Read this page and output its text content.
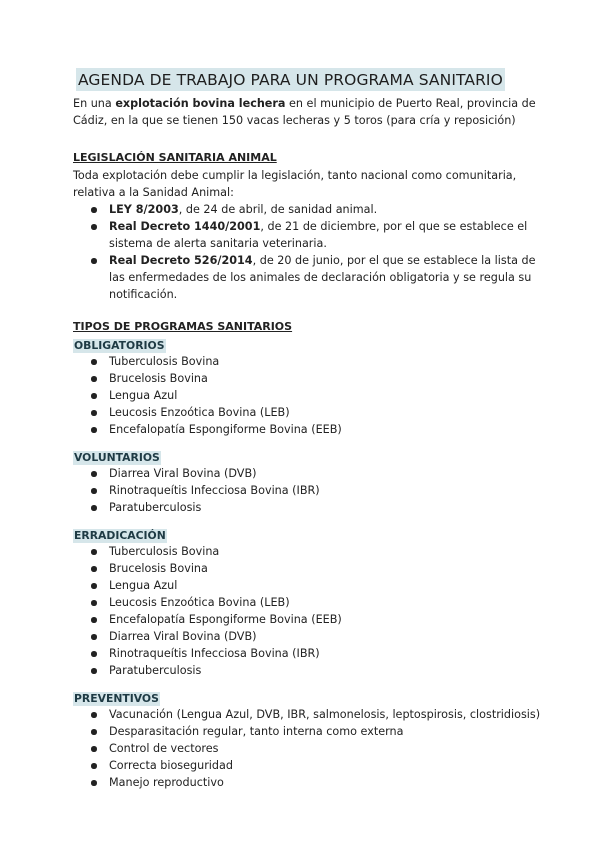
AGENDA DE TRABAJO PARA UN PROGRAMA SANITARIO

En una explotación bovina lechera en el municipio de Puerto Real, provincia de Cádiz, en la que se tienen 150 vacas lecheras y 5 toros (para cría y reposición)

LEGISLACIÓN SANITARIA ANIMAL

Toda explotación debe cumplir la legislación, tanto nacional como comunitaria, relativa a la Sanidad Animal:

LEY 8/2003, de 24 de abril, de sanidad animal.
Real Decreto 1440/2001, de 21 de diciembre, por el que se establece el sistema de alerta sanitaria veterinaria.
Real Decreto 526/2014, de 20 de junio, por el que se establece la lista de las enfermedades de los animales de declaración obligatoria y se regula su notificación.
TIPOS DE PROGRAMAS SANITARIOS
OBLIGATORIOS
Tuberculosis Bovina
Brucelosis Bovina
Lengua Azul
Leucosis Enzoótica Bovina (LEB)
Encefalopatía Espongiforme Bovina (EEB)
VOLUNTARIOS
Diarrea Viral Bovina (DVB)
Rinotraqueítis Infecciosa Bovina (IBR)
Paratuberculosis
ERRADICACIÓN
Tuberculosis Bovina
Brucelosis Bovina
Lengua Azul
Leucosis Enzoótica Bovina (LEB)
Encefalopatía Espongiforme Bovina (EEB)
Diarrea Viral Bovina (DVB)
Rinotraqueítis Infecciosa Bovina (IBR)
Paratuberculosis
PREVENTIVOS
Vacunación (Lengua Azul, DVB, IBR, salmonelosis, leptospirosis, clostridiosis)
Desparasitación regular, tanto interna como externa
Control de vectores
Correcta bioseguridad
Manejo reproductivo
